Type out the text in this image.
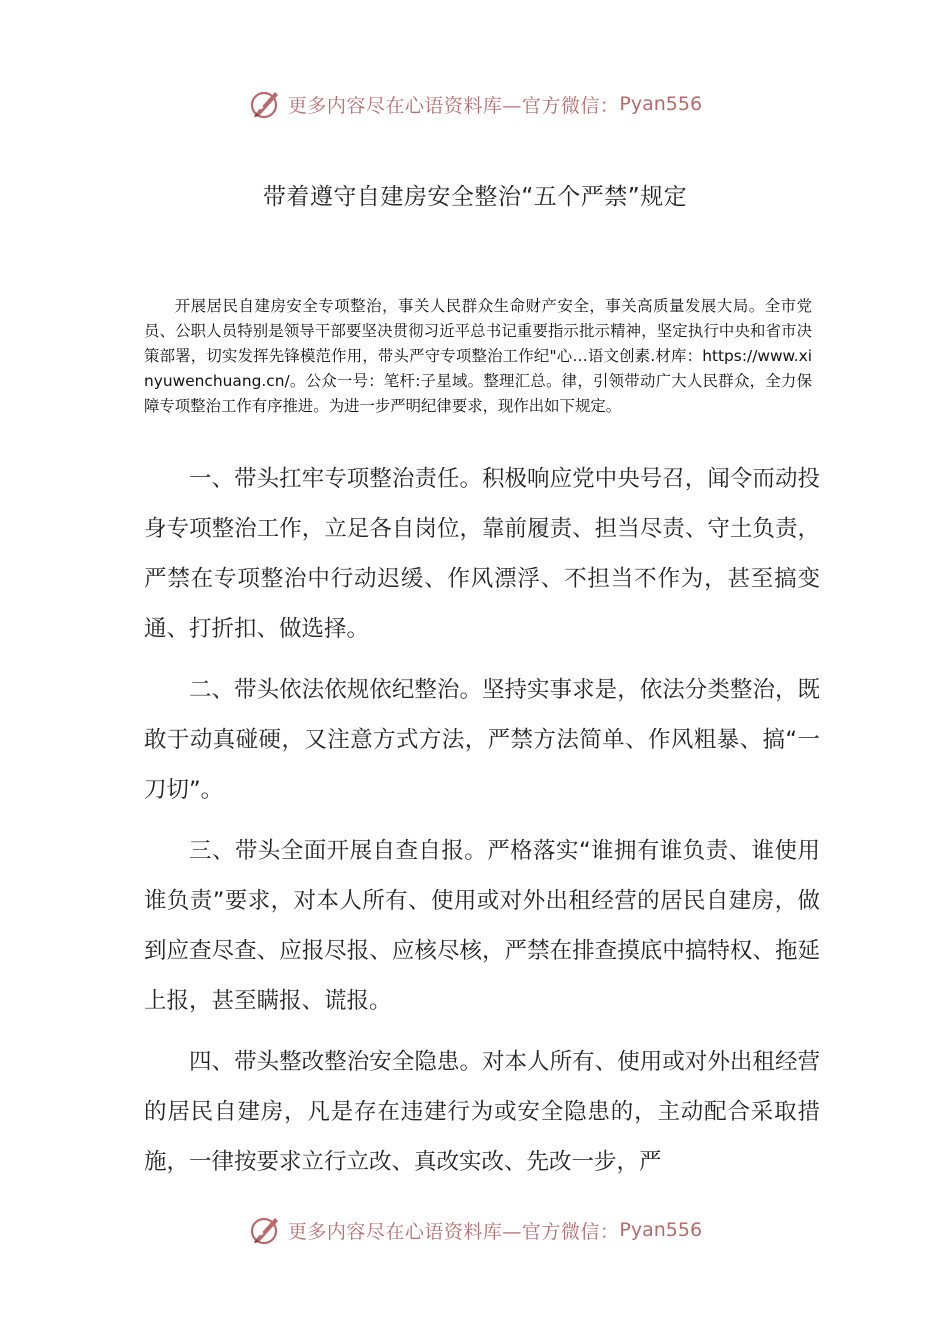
更多内容尽在心语资料库—官方微信： Pyan556
带着遵守自建房安全整治“五个严禁”规定

开展居民自建房安全专项整治，事关人民群众生命财产安全，事关高质量发展大局。全市党员、公职人员特别是领导干部要坚决贯彻习近平总书记重要指示批示精神，坚定执行中央和省市决策部署，切实发挥先锋模范作用，带头严守专项整治工作纪"心…语文创素.材库：https://www.xinyuwenchuang.cn/。公众一号：笔杆:子星域。整理汇总。律，引领带动广大人民群众，全力保障专项整治工作有序推进。为进一步严明纪律要求，现作出如下规定。

一、带头扛牢专项整治责任。积极响应党中央号召，闻令而动投身专项整治工作，立足各自岗位，靠前履责、担当尽责、守土负责，严禁在专项整治中行动迟缓、作风漂浮、不担当不作为，甚至搞变通、打折扣、做选择。

二、带头依法依规依纪整治。坚持实事求是，依法分类整治，既敢于动真碰硬，又注意方式方法，严禁方法简单、作风粗暴、搞“一刀切”。

三、带头全面开展自查自报。严格落实“谁拥有谁负责、谁使用谁负责”要求，对本人所有、使用或对外出租经营的居民自建房，做到应查尽查、应报尽报、应核尽核，严禁在排查摸底中搞特权、拖延上报，甚至瞒报、谎报。

四、带头整改整治安全隐患。对本人所有、使用或对外出租经营的居民自建房，凡是存在违建行为或安全隐患的，主动配合采取措施，一律按要求立行立改、真改实改、先改一步，严

更多内容尽在心语资料库—官方微信： Pyan556
